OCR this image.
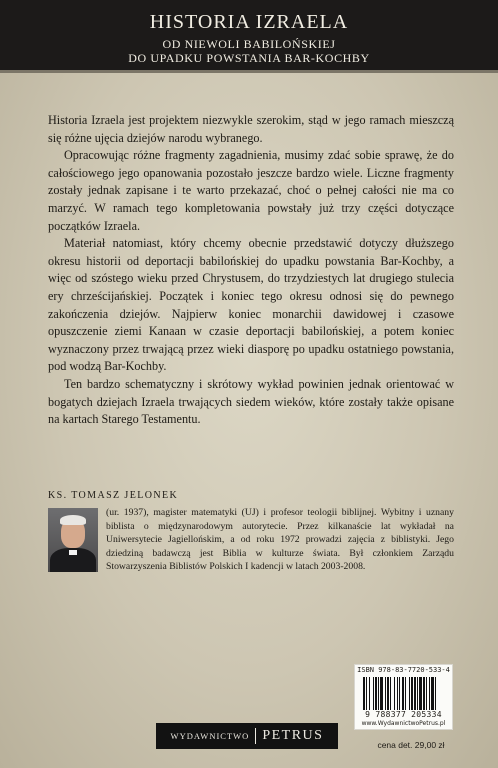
HISTORIA IZRAELA
OD NIEWOLI BABILOŃSKIEJ
DO UPADKU POWSTANIA BAR-KOCHBY

Historia Izraela jest projektem niezwykle szerokim, stąd w jego ramach mieszczą się różne ujęcia dziejów narodu wybranego.

Opracowując różne fragmenty zagadnienia, musimy zdać sobie sprawę, że do całościowego jego opanowania pozostało jeszcze bardzo wiele. Liczne fragmenty zostały jednak zapisane i te warto przekazać, choć o pełnej całości nie ma co marzyć. W ramach tego kompletowania powstały już trzy części dotyczące początków Izraela.

Materiał natomiast, który chcemy obecnie przedstawić dotyczy dłuższego okresu historii od deportacji babilońskiej do upadku powstania Bar-Kochby, a więc od szóstego wieku przed Chrystusem, do trzydziestych lat drugiego stulecia ery chrześcijańskiej. Początek i koniec tego okresu odnosi się do pewnego zakończenia dziejów. Najpierw koniec monarchii dawidowej i czasowe opuszczenie ziemi Kanaan w czasie deportacji babilońskiej, a potem koniec wyznaczony przez trwającą przez wieki diasporę po upadku ostatniego powstania, pod wodzą Bar-Kochby.

Ten bardzo schematyczny i skrótowy wykład powinien jednak orientować w bogatych dziejach Izraela trwających siedem wieków, które zostały także opisane na kartach Starego Testamentu.

KS. TOMASZ JELONEK
(ur. 1937), magister matematyki (UJ) i profesor teologii biblijnej. Wybitny i uznany biblista o międzynarodowym autorytecie. Przez kilkanaście lat wykładał na Uniwersytecie Jagiellońskim, a od roku 1972 prowadzi zajęcia z biblistyki. Jego dziedziną badawczą jest Biblia w kulturze świata. Był członkiem Zarządu Stowarzyszenia Biblistów Polskich I kadencji w latach 2003-2008.
ISBN 978-83-7720-533-4
9 788377 205334
www.WydawnictwoPetrus.pl
WYDAWNICTWO PETRUS
cena det. 29,00 zł
